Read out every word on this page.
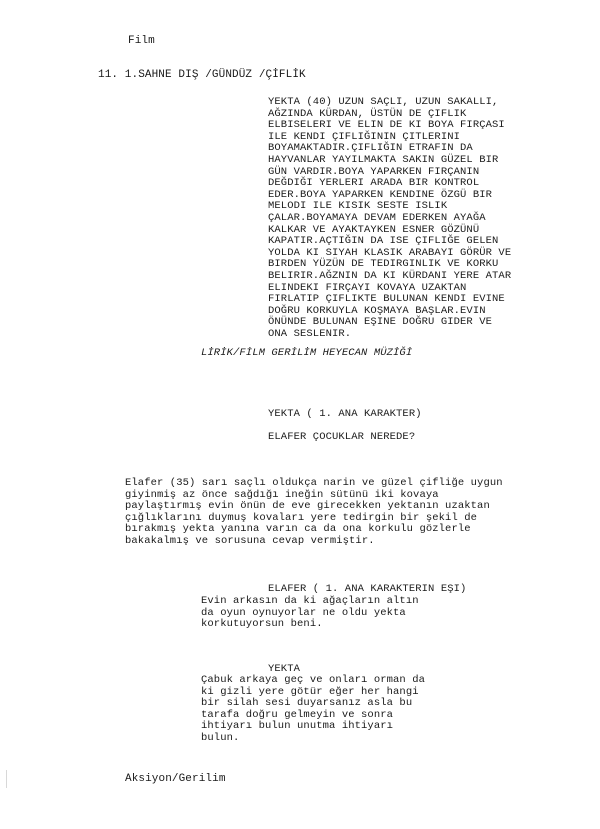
Film
11. 1.SAHNE DIŞ /GÜNDÜZ /ÇİFLİK
YEKTA (40) UZUN SAÇLI, UZUN SAKALLI,
AĞZINDA KÜRDAN, ÜSTÜN DE ÇIFLIK
ELBISELERI VE ELIN DE KI BOYA FIRÇASI
ILE KENDI ÇIFLIĞININ ÇITLERINI
BOYAMAKTADIR.ÇIFLIĞIN ETRAFIN DA
HAYVANLAR YAYILMAKTA SAKIN GÜZEL BIR
GÜN VARDIR.BOYA YAPARKEN FIRÇANIN
DEĞDIĞI YERLERI ARADA BIR KONTROL
EDER.BOYA YAPARKEN KENDINE ÖZGÜ BIR
MELODI ILE KISIK SESTE ISLIK
ÇALAR.BOYAMAYA DEVAM EDERKEN AYAĞA
KALKAR VE AYAKTAYKEN ESNER GÖZÜNÜ
KAPATIR.AÇTIĞIN DA ISE ÇIFLIĞE GELEN
YOLDA KI SIYAH KLASIK ARABAYI GÖRÜR VE
BIRDEN YÜZÜN DE TEDIRGINLIK VE KORKU
BELIRIR.AĞZNIN DA KI KÜRDANI YERE ATAR
ELINDEKI FIRÇAYI KOVAYA UZAKTAN
FIRLATIP ÇIFLIKTE BULUNAN KENDI EVINE
DOĞRU KORKUYLA KOŞMAYA BAŞLAR.EVIN
ÖNÜNDE BULUNAN EŞINE DOĞRU GIDER VE
ONA SESLENIR.
LİRİK/FİLM GERİLİM HEYECAN MÜZİĞİ
YEKTA ( 1. ANA KARAKTER)
ELAFER ÇOCUKLAR NEREDE?
Elafer (35) sarı saçlı oldukça narin ve güzel çifliğe uygun
giyinmiş az önce sağdığı ineğin sütünü iki kovaya
paylaştırmış evin önün de eve girecekken yektanın uzaktan
çığlıklarını duymuş kovaları yere tedirgin bir şekil de
bırakmış yekta yanına varın ca da ona korkulu gözlerle
bakakalmış ve sorusuna cevap vermiştir.
ELAFER ( 1. ANA KARAKTERIN EŞI)
Evin arkasın da ki ağaçların altın
da oyun oynuyorlar ne oldu yekta
korkutuyorsun beni.
YEKTA
Çabuk arkaya geç ve onları orman da
ki gizli yere götür eğer her hangi
bir silah sesi duyarsanız asla bu
tarafa doğru gelmeyin ve sonra
ihtiyarı bulun unutma ihtiyarı
bulun.
Aksiyon/Gerilim
